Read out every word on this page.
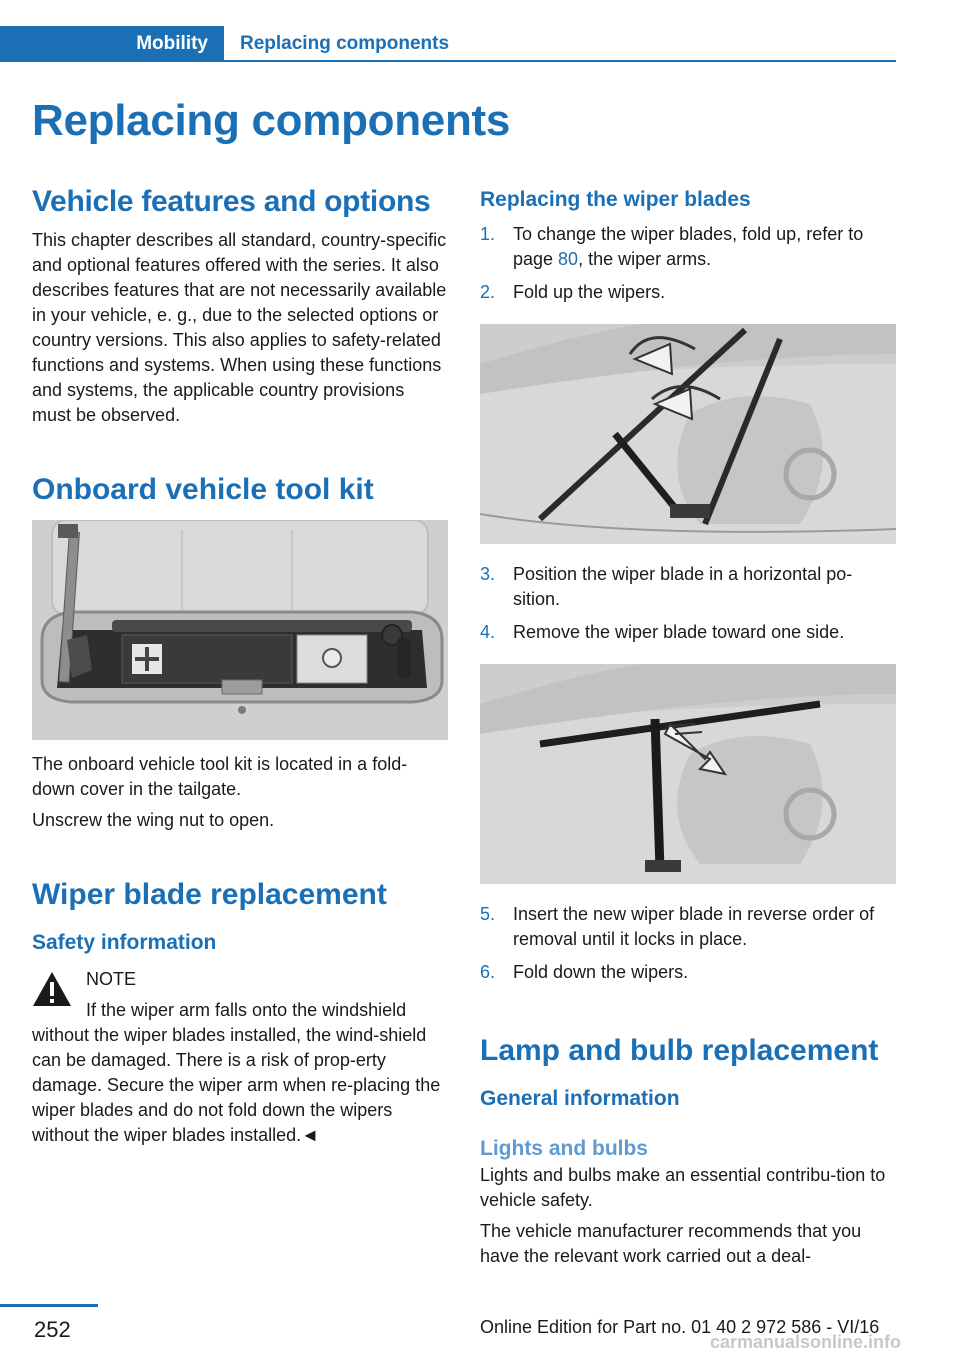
Mobility	Replacing components
Replacing components
Vehicle features and options

This chapter describes all standard, country-specific and optional features offered with the series. It also describes features that are not necessarily available in your vehicle, e. g., due to the selected options or country versions. This also applies to safety-related functions and systems. When using these functions and systems, the applicable country provisions must be observed.

Onboard vehicle tool kit

The onboard vehicle tool kit is located in a fold-down cover in the tailgate.

Unscrew the wing nut to open.

Wiper blade replacement
Safety information
NOTE
If the wiper arm falls onto the windshield
without the wiper blades installed, the wind-shield can be damaged. There is a risk of prop-erty damage. Secure the wiper arm when re-placing the wiper blades and do not fold down the wipers without the wiper blades installed.◄
Replacing the wiper blades
1. To change the wiper blades, fold up, refer to page 80, the wiper arms.
2. Fold up the wipers.
3. Position the wiper blade in a horizontal po-sition.
4. Remove the wiper blade toward one side.
5. Insert the new wiper blade in reverse order of removal until it locks in place.
6. Fold down the wipers.
Lamp and bulb replacement
General information
Lights and bulbs

Lights and bulbs make an essential contribu-tion to vehicle safety.

The vehicle manufacturer recommends that you have the relevant work carried out a deal-

252	Online Edition for Part no. 01 40 2 972 586 - VI/16
carmanualsonline.info
